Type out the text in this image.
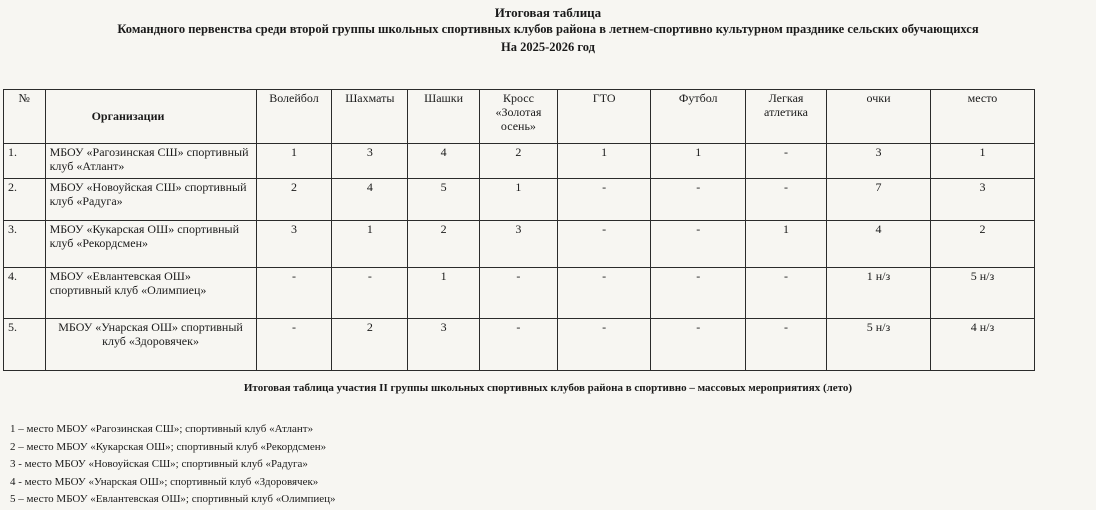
Итоговая таблица
Командного первенства среди второй группы школьных спортивных клубов района в летнем-спортивно культурном празднике сельских обучающихся
На 2025-2026 год
№	Организации	Волейбол	Шахматы	Шашки	Кросс «Золотая осень»	ГТО	Футбол	Легкая атлетика	очки	место
1.	МБОУ «Рагозинская СШ» спортивный клуб «Атлант»	1	3	4	2	1	1	-	3	1
2.	МБОУ «Новоуйская СШ» спортивный клуб «Радуга»	2	4	5	1	-	-	-	7	3
3.	МБОУ «Кукарская ОШ» спортивный клуб «Рекордсмен»	3	1	2	3	-	-	1	4	2
4.	МБОУ «Евлантевская ОШ» спортивный клуб «Олимпиец»	-	-	1	-	-	-	-	1 н/з	5 н/з
5.	МБОУ «Унарская ОШ» спортивный клуб «Здоровячек»	-	2	3	-	-	-	-	5 н/з	4 н/з
Итоговая таблица участия II группы школьных спортивных клубов района в спортивно – массовых мероприятиях (лето)
1 – место МБОУ «Рагозинская СШ»; спортивный клуб «Атлант»
2 – место МБОУ «Кукарская ОШ»; спортивный клуб «Рекордсмен»
3 - место МБОУ «Новоуйская СШ»; спортивный клуб «Радуга»
4 - место МБОУ «Унарская ОШ»; спортивный клуб «Здоровячек»
5 – место МБОУ «Евлантевская ОШ»; спортивный клуб «Олимпиец»
